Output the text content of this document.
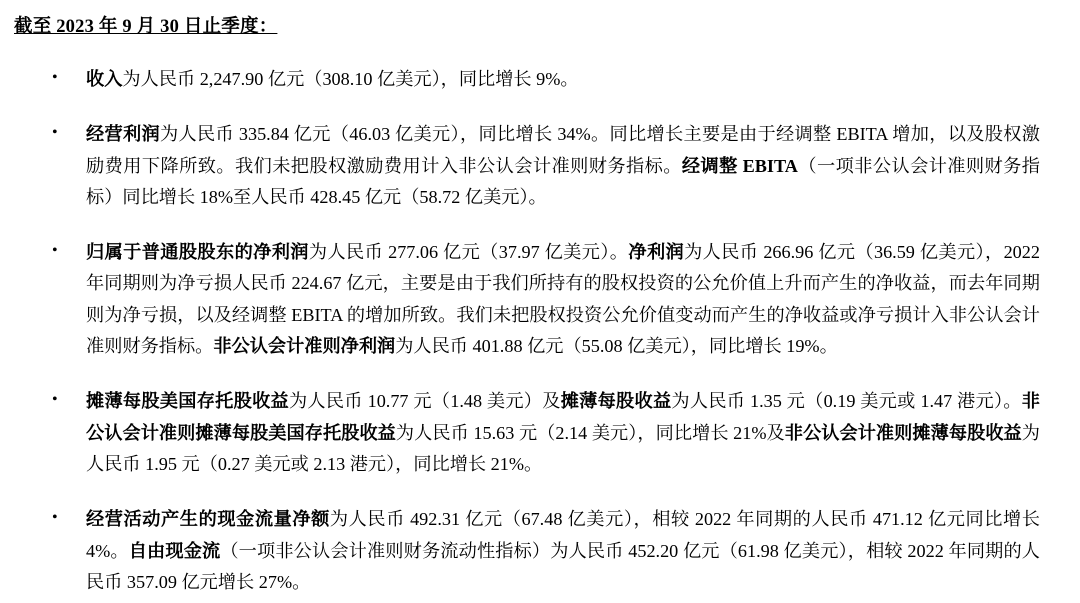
截至 2023 年 9 月 30 日止季度：
• 收入为人民币 2,247.90 亿元（308.10 亿美元），同比增长 9%。
• 经营利润为人民币 335.84 亿元（46.03 亿美元），同比增长 34%。同比增长主要是由于经调整 EBITA 增加，以及股权激励费用下降所致。我们未把股权激励费用计入非公认会计准则财务指标。经调整 EBITA（一项非公认会计准则财务指标）同比增长 18%至人民币 428.45 亿元（58.72 亿美元）。
• 归属于普通股股东的净利润为人民币 277.06 亿元（37.97 亿美元）。净利润为人民币 266.96 亿元（36.59 亿美元），2022 年同期则为净亏损人民币 224.67 亿元，主要是由于我们所持有的股权投资的公允价值上升而产生的净收益，而去年同期则为净亏损，以及经调整 EBITA 的增加所致。我们未把股权投资公允价值变动而产生的净收益或净亏损计入非公认会计准则财务指标。非公认会计准则净利润为人民币 401.88 亿元（55.08 亿美元），同比增长 19%。
• 摊薄每股美国存托股收益为人民币 10.77 元（1.48 美元）及摊薄每股收益为人民币 1.35 元（0.19 美元或 1.47 港元）。非公认会计准则摊薄每股美国存托股收益为人民币 15.63 元（2.14 美元），同比增长 21%及非公认会计准则摊薄每股收益为人民币 1.95 元（0.27 美元或 2.13 港元），同比增长 21%。
• 经营活动产生的现金流量净额为人民币 492.31 亿元（67.48 亿美元），相较 2022 年同期的人民币 471.12 亿元同比增长 4%。自由现金流（一项非公认会计准则财务流动性指标）为人民币 452.20 亿元（61.98 亿美元），相较 2022 年同期的人民币 357.09 亿元增长 27%。
